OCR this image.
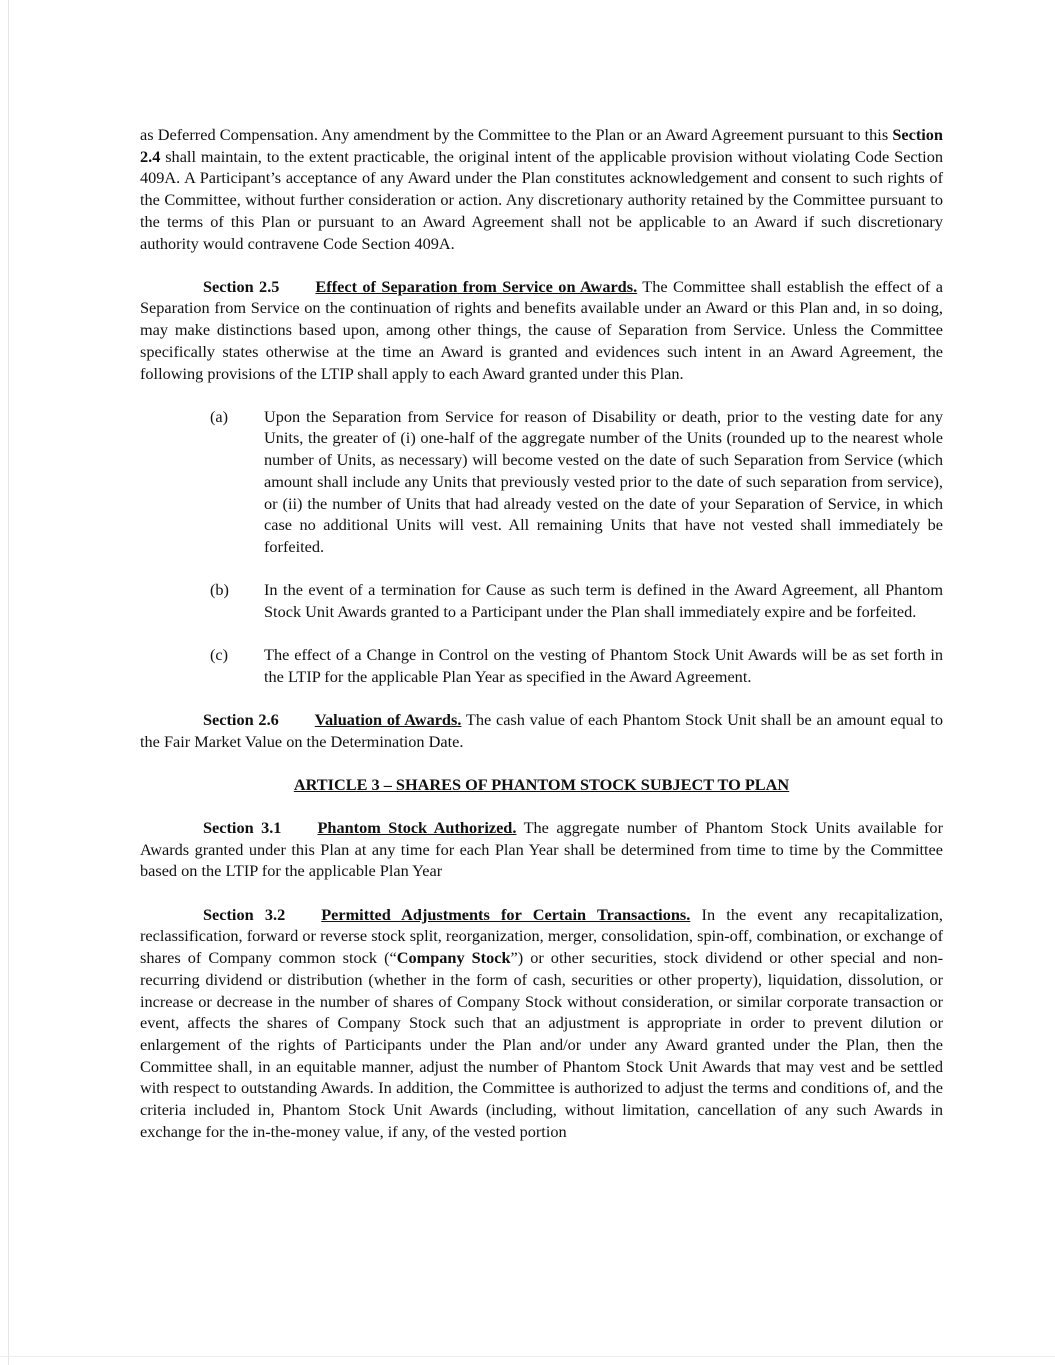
as Deferred Compensation. Any amendment by the Committee to the Plan or an Award Agreement pursuant to this Section 2.4 shall maintain, to the extent practicable, the original intent of the applicable provision without violating Code Section 409A. A Participant’s acceptance of any Award under the Plan constitutes acknowledgement and consent to such rights of the Committee, without further consideration or action. Any discretionary authority retained by the Committee pursuant to the terms of this Plan or pursuant to an Award Agreement shall not be applicable to an Award if such discretionary authority would contravene Code Section 409A.

Section 2.5 Effect of Separation from Service on Awards. The Committee shall establish the effect of a Separation from Service on the continuation of rights and benefits available under an Award or this Plan and, in so doing, may make distinctions based upon, among other things, the cause of Separation from Service. Unless the Committee specifically states otherwise at the time an Award is granted and evidences such intent in an Award Agreement, the following provisions of the LTIP shall apply to each Award granted under this Plan.

(a) Upon the Separation from Service for reason of Disability or death, prior to the vesting date for any Units, the greater of (i) one-half of the aggregate number of the Units (rounded up to the nearest whole number of Units, as necessary) will become vested on the date of such Separation from Service (which amount shall include any Units that previously vested prior to the date of such separation from service), or (ii) the number of Units that had already vested on the date of your Separation of Service, in which case no additional Units will vest. All remaining Units that have not vested shall immediately be forfeited.
(b) In the event of a termination for Cause as such term is defined in the Award Agreement, all Phantom Stock Unit Awards granted to a Participant under the Plan shall immediately expire and be forfeited.
(c) The effect of a Change in Control on the vesting of Phantom Stock Unit Awards will be as set forth in the LTIP for the applicable Plan Year as specified in the Award Agreement.

Section 2.6 Valuation of Awards. The cash value of each Phantom Stock Unit shall be an amount equal to the Fair Market Value on the Determination Date.

ARTICLE 3 – SHARES OF PHANTOM STOCK SUBJECT TO PLAN

Section 3.1 Phantom Stock Authorized. The aggregate number of Phantom Stock Units available for Awards granted under this Plan at any time for each Plan Year shall be determined from time to time by the Committee based on the LTIP for the applicable Plan Year

Section 3.2 Permitted Adjustments for Certain Transactions. In the event any recapitalization, reclassification, forward or reverse stock split, reorganization, merger, consolidation, spin-off, combination, or exchange of shares of Company common stock (“Company Stock”) or other securities, stock dividend or other special and non-recurring dividend or distribution (whether in the form of cash, securities or other property), liquidation, dissolution, or increase or decrease in the number of shares of Company Stock without consideration, or similar corporate transaction or event, affects the shares of Company Stock such that an adjustment is appropriate in order to prevent dilution or enlargement of the rights of Participants under the Plan and/or under any Award granted under the Plan, then the Committee shall, in an equitable manner, adjust the number of Phantom Stock Unit Awards that may vest and be settled with respect to outstanding Awards. In addition, the Committee is authorized to adjust the terms and conditions of, and the criteria included in, Phantom Stock Unit Awards (including, without limitation, cancellation of any such Awards in exchange for the in-the-money value, if any, of the vested portion
